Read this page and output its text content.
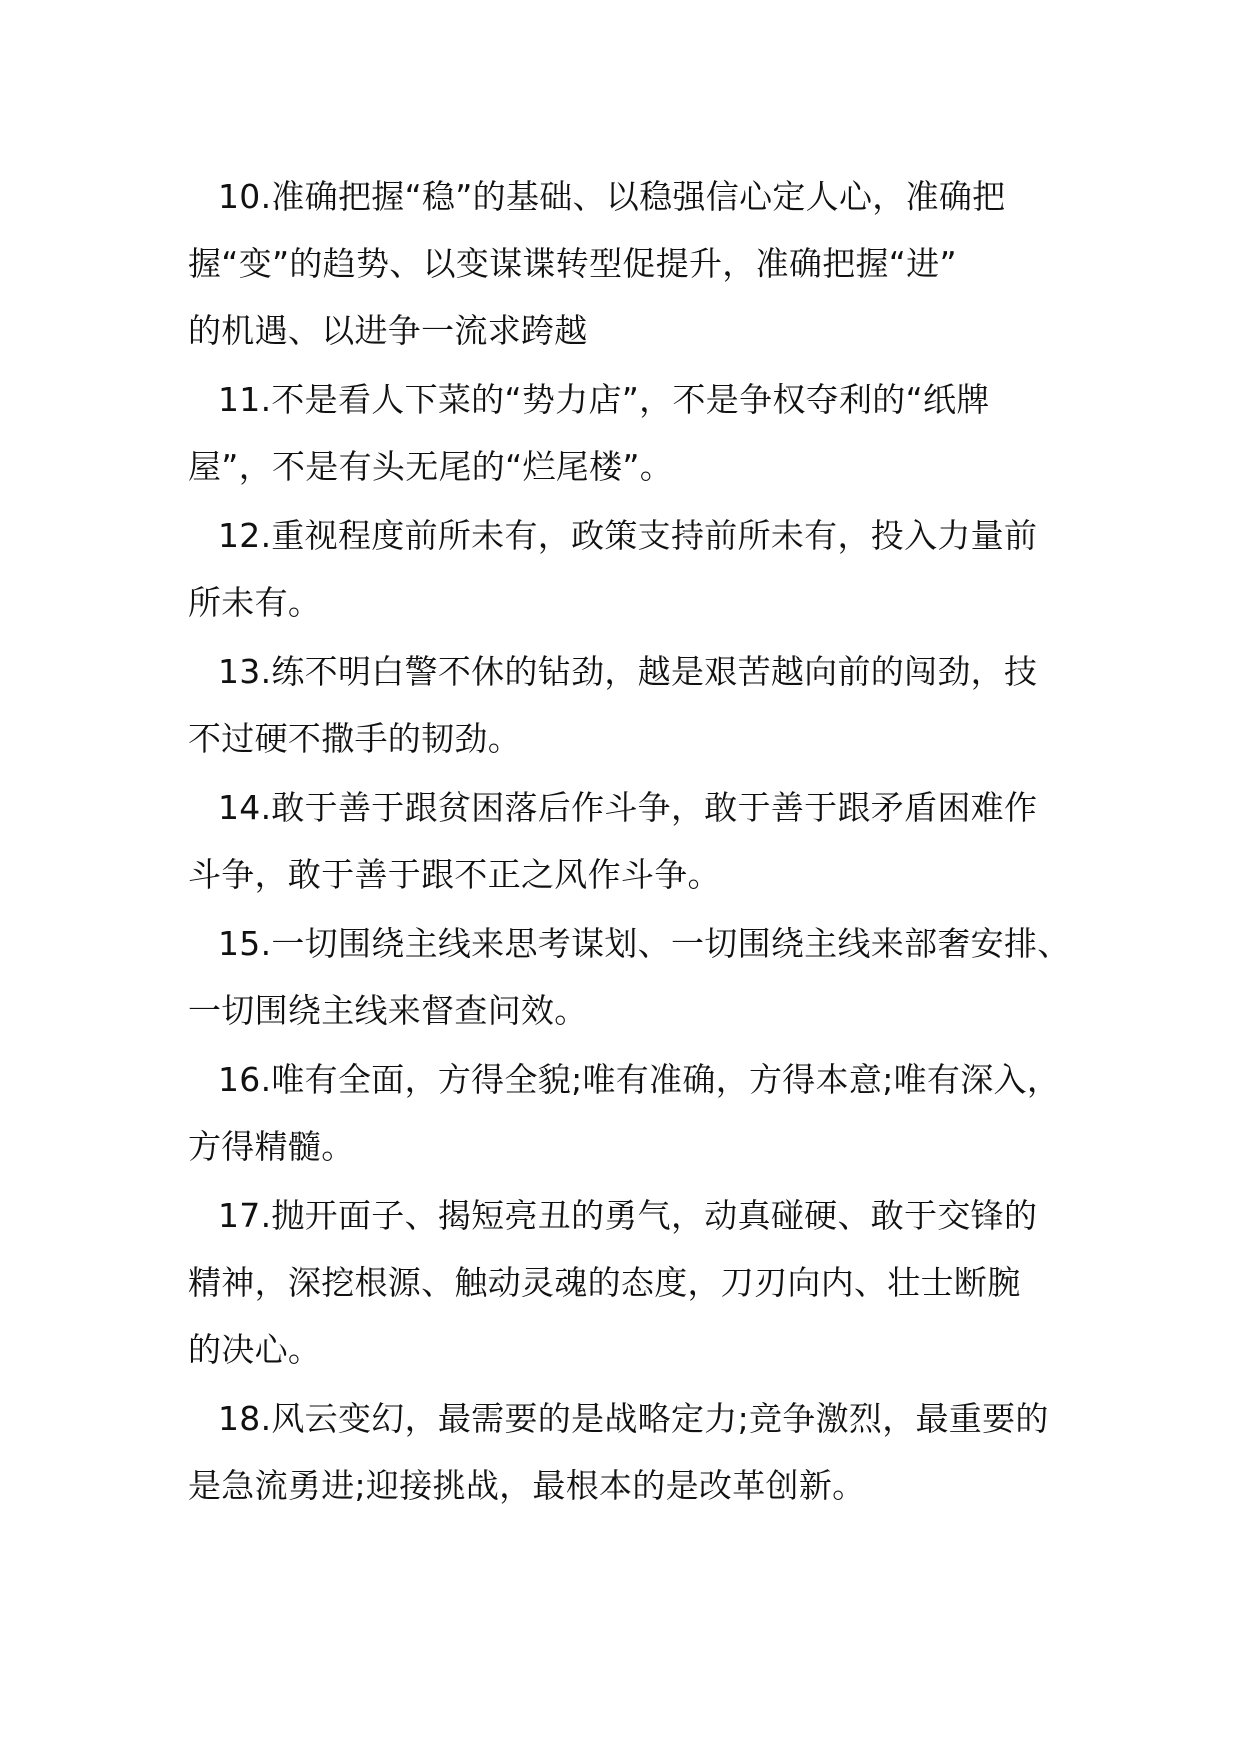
10.准确把握“稳”的基础、以稳强信心定人心，准确把
握“变”的趋势、以变谋谍转型促提升，准确把握“进”
的机遇、以进争一流求跨越

11.不是看人下菜的“势力店”，不是争权夺利的“纸牌
屋”，不是有头无尾的“烂尾楼”。

12.重视程度前所未有，政策支持前所未有，投入力量前
所未有。

13.练不明白警不休的钻劲，越是艰苦越向前的闯劲，技
不过硬不撒手的韧劲。

14.敢于善于跟贫困落后作斗争，敢于善于跟矛盾困难作
斗争，敢于善于跟不正之风作斗争。

15.一切围绕主线来思考谋划、一切围绕主线来部奢安排、
一切围绕主线来督查问效。

16.唯有全面，方得全貌;唯有准确，方得本意;唯有深入，
方得精髓。

17.抛开面子、揭短亮丑的勇气，动真碰硬、敢于交锋的
精神，深挖根源、触动灵魂的态度，刀刃向内、壮士断腕
的决心。

18.风云变幻，最需要的是战略定力;竞争激烈，最重要的
是急流勇进;迎接挑战，最根本的是改革创新。
